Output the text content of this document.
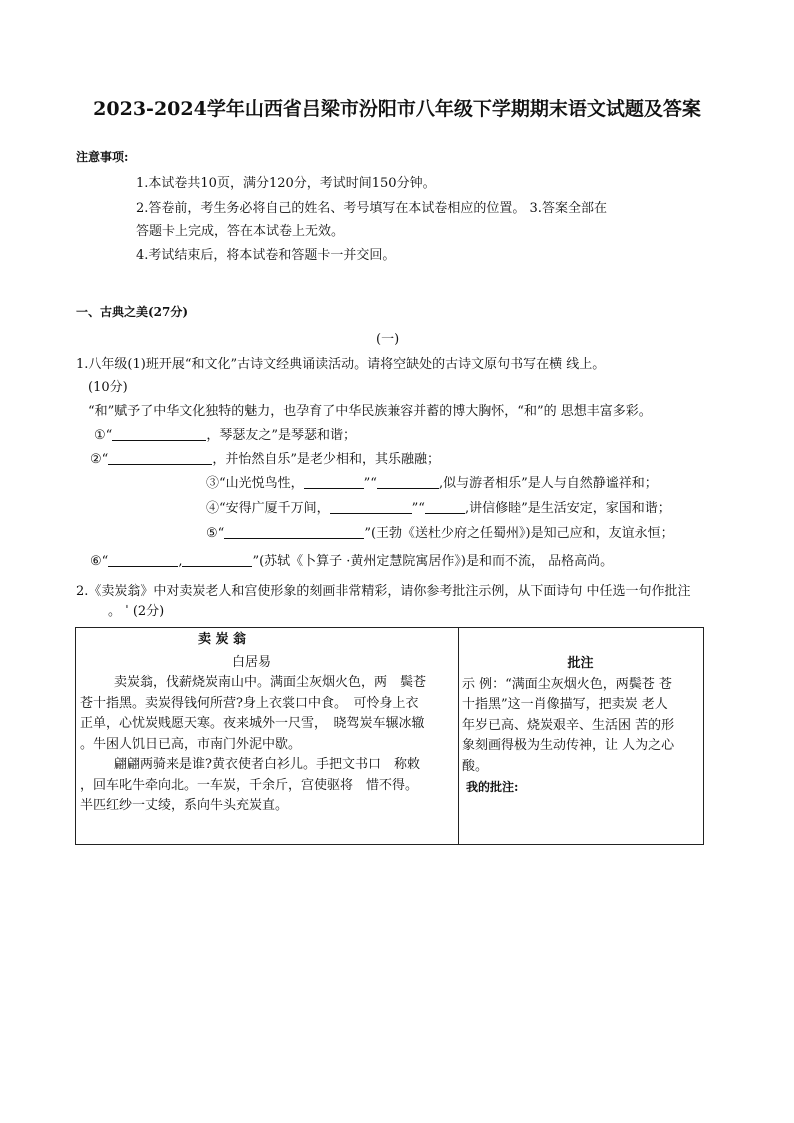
2023-2024学年山西省吕梁市汾阳市八年级下学期期末语文试题及答案
注意事项:
1.本试卷共10页，满分120分，考试时间150分钟。
2.答卷前，考生务必将自己的姓名、考号填写在本试卷相应的位置。 3.答案全部在
答题卡上完成，答在本试卷上无效。
4.考试结束后，将本试卷和答题卡一并交回。
一、古典之美(27分)
(一)
1.八年级(1)班开展“和文化”古诗文经典诵读活动。请将空缺处的古诗文原句书写在横 线上。
(10分)
“和”赋予了中华文化独特的魅力，也孕育了中华民族兼容并蓄的博大胸怀，“和”的 思想丰富多彩。
①“	，琴瑟友之”是琴瑟和谐；
②“	，并怡然自乐”是老少相和，其乐融融；
③“山光悦鸟性，	”“	,似与游者相乐”是人与自然静谧祥和；
④“安得广厦千万间，	”“	,讲信修睦”是生活安定，家国和谐；
⑤“	”(王勃《送杜少府之任蜀州》)是知己应和，友谊永恒；
⑥“	,	”(苏轼《卜算子 ·黄州定慧院寓居作》)是和而不流， 品格高尚。
2.《卖炭翁》中对卖炭老人和宫使形象的刻画非常精彩，请你参考批注示例，从下面诗句 中任选一句作批注
。 ˈ (2分)
卖 炭 翁
白居易
卖炭翁，伐薪烧炭南山中。满面尘灰烟火色，两　鬓苍
苍十指黑。卖炭得钱何所营?身上衣裳口中食。　可怜身上衣
正单，心忧炭贱愿天寒。夜来城外一尺雪，　晓驾炭车辗冰辙
。牛困人饥日已高，市南门外泥中歇。
翩翩两骑来是谁?黄衣使者白衫儿。手把文书口　称敕
，回车叱牛牵向北。一车炭，千余斤，宫使驱将　惜不得。
半匹红纱一丈绫，系向牛头充炭直。

批注
示 例：“满面尘灰烟火色，两鬓苍 苍
十指黑”这一肖像描写，把卖炭 老人
年岁已高、烧炭艰辛、生活困 苦的形
象刻画得极为生动传神，让 人为之心
酸。
我的批注:
